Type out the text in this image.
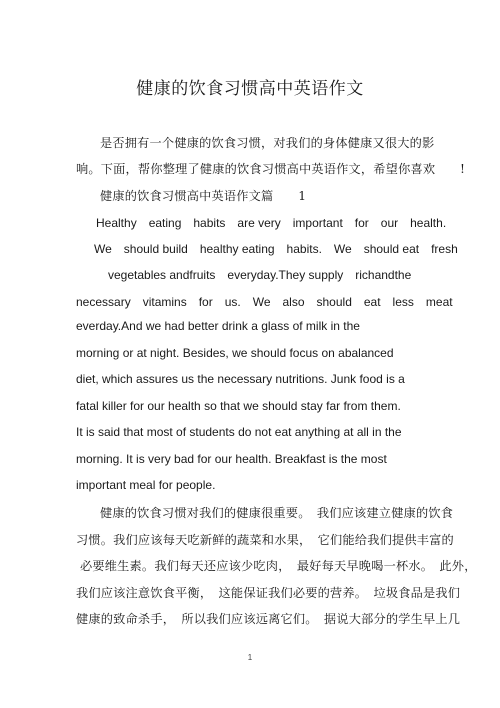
健康的饮食习惯高中英语作文
是否拥有一个健康的饮食习惯，对我们的身体健康又很大的影
响。下面，帮你整理了健康的饮食习惯高中英语作文，希望你喜欢　　!
健康的饮食习惯高中英语作文篇　　1
Healthy　eating　habits　are very　important　for　our　health.
We　should build　healthy eating　habits.　We　should eat　fresh
vegetables andfruits　everyday.They supply　richandthe
necessary　vitamins　for　us.　We　also　should　eat　less　meat
everday.And we had better drink a glass of milk in the
morning or at night. Besides, we should focus on abalanced
diet, which assures us the necessary nutritions. Junk food is a
fatal killer for our health so that we should stay far from them.
It is said that most of students do not eat anything at all in the
morning. It is very bad for our health. Breakfast is the most
important meal for people.
健康的饮食习惯对我们的健康很重要。　我们应该建立健康的饮食
习惯。我们应该每天吃新鲜的蔬菜和水果，　它们能给我们提供丰富的
必要维生素。我们每天还应该少吃肉，　最好每天早晚喝一杯水。　此外，
我们应该注意饮食平衡，　这能保证我们必要的营养。　垃圾食品是我们
健康的致命杀手，　所以我们应该远离它们。　据说大部分的学生早上几
1
